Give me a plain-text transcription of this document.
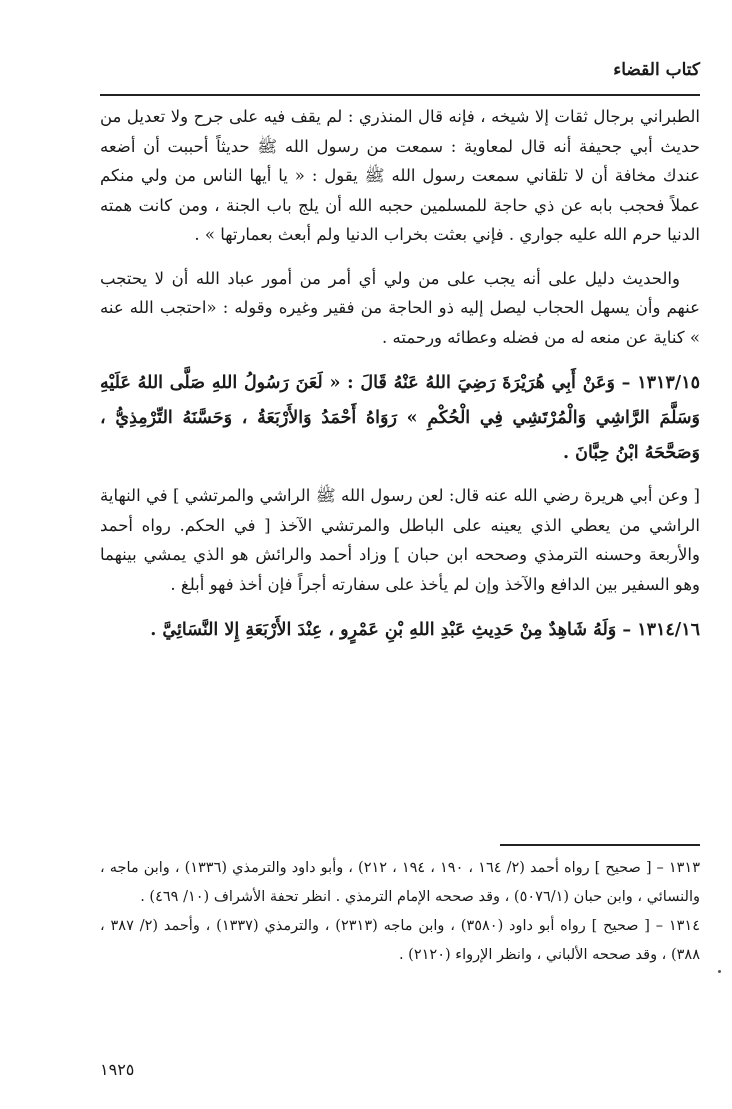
كتاب القضاء

الطبراني برجال ثقات إلا شيخه ، فإنه قال المنذري : لم يقف فيه على جرح ولا تعديل من حديث أبي جحيفة أنه قال لمعاوية : سمعت من رسول الله ﷺ حديثاً أحببت أن أضعه عندك مخافة أن لا تلقاني سمعت رسول الله ﷺ يقول : « يا أيها الناس من ولي منكم عملاً فحجب بابه عن ذي حاجة للمسلمين حجبه الله أن يلج باب الجنة ، ومن كانت همته الدنيا حرم الله عليه جواري . فإني بعثت بخراب الدنيا ولم أبعث بعمارتها » .

والحديث دليل على أنه يجب على من ولي أي أمر من أمور عباد الله أن لا يحتجب عنهم وأن يسهل الحجاب ليصل إليه ذو الحاجة من فقير وغيره وقوله : «احتجب الله عنه » كناية عن منعه له من فضله وعطائه ورحمته .

١٣١٣/١٥ – وَعَنْ أَبِي هُرَيْرَةَ رَضِيَ اللهُ عَنْهُ قَالَ : « لَعَنَ رَسُولُ اللهِ صَلَّى اللهُ عَلَيْهِ وَسَلَّمَ الرَّاشِي وَالْمُرْتَشِي فِي الْحُكْمِ » رَوَاهُ أَحْمَدُ وَالأَرْبَعَةُ ، وَحَسَّنَهُ التِّرْمِذِيُّ ، وَصَحَّحَهُ ابْنُ حِبَّانَ .

[ وعن أبي هريرة رضي الله عنه قال: لعن رسول الله ﷺ الراشي والمرتشي ] في النهاية الراشي من يعطي الذي يعينه على الباطل والمرتشي الآخذ [ في الحكم. رواه أحمد والأربعة وحسنه الترمذي وصححه ابن حبان ] وزاد أحمد والرائش هو الذي يمشي بينهما وهو السفير بين الدافع والآخذ وإن لم يأخذ على سفارته أجراً فإن أخذ فهو أبلغ .

١٣١٤/١٦ – وَلَهُ شَاهِدٌ مِنْ حَدِيثِ عَبْدِ اللهِ بْنِ عَمْرٍو ، عِنْدَ الأَرْبَعَةِ إِلا النَّسَائِيَّ .

١٣١٣ – [ صحيح ] رواه أحمد (٢/ ١٦٤ ، ١٩٠ ، ١٩٤ ، ٢١٢) ، وأبو داود والترمذي (١٣٣٦) ، وابن ماجه ، والنسائي ، وابن حبان (٥٠٧٦/١) ، وقد صححه الإمام الترمذي . انظر تحفة الأشراف (١٠/ ٤٦٩) .

١٣١٤ – [ صحيح ] رواه أبو داود (٣٥٨٠) ، وابن ماجه (٢٣١٣) ، والترمذي (١٣٣٧) ، وأحمد (٢/ ٣٨٧ ، ٣٨٨) ، وقد صححه الألباني ، وانظر الإرواء (٢١٢٠) .

١٩٢٥
